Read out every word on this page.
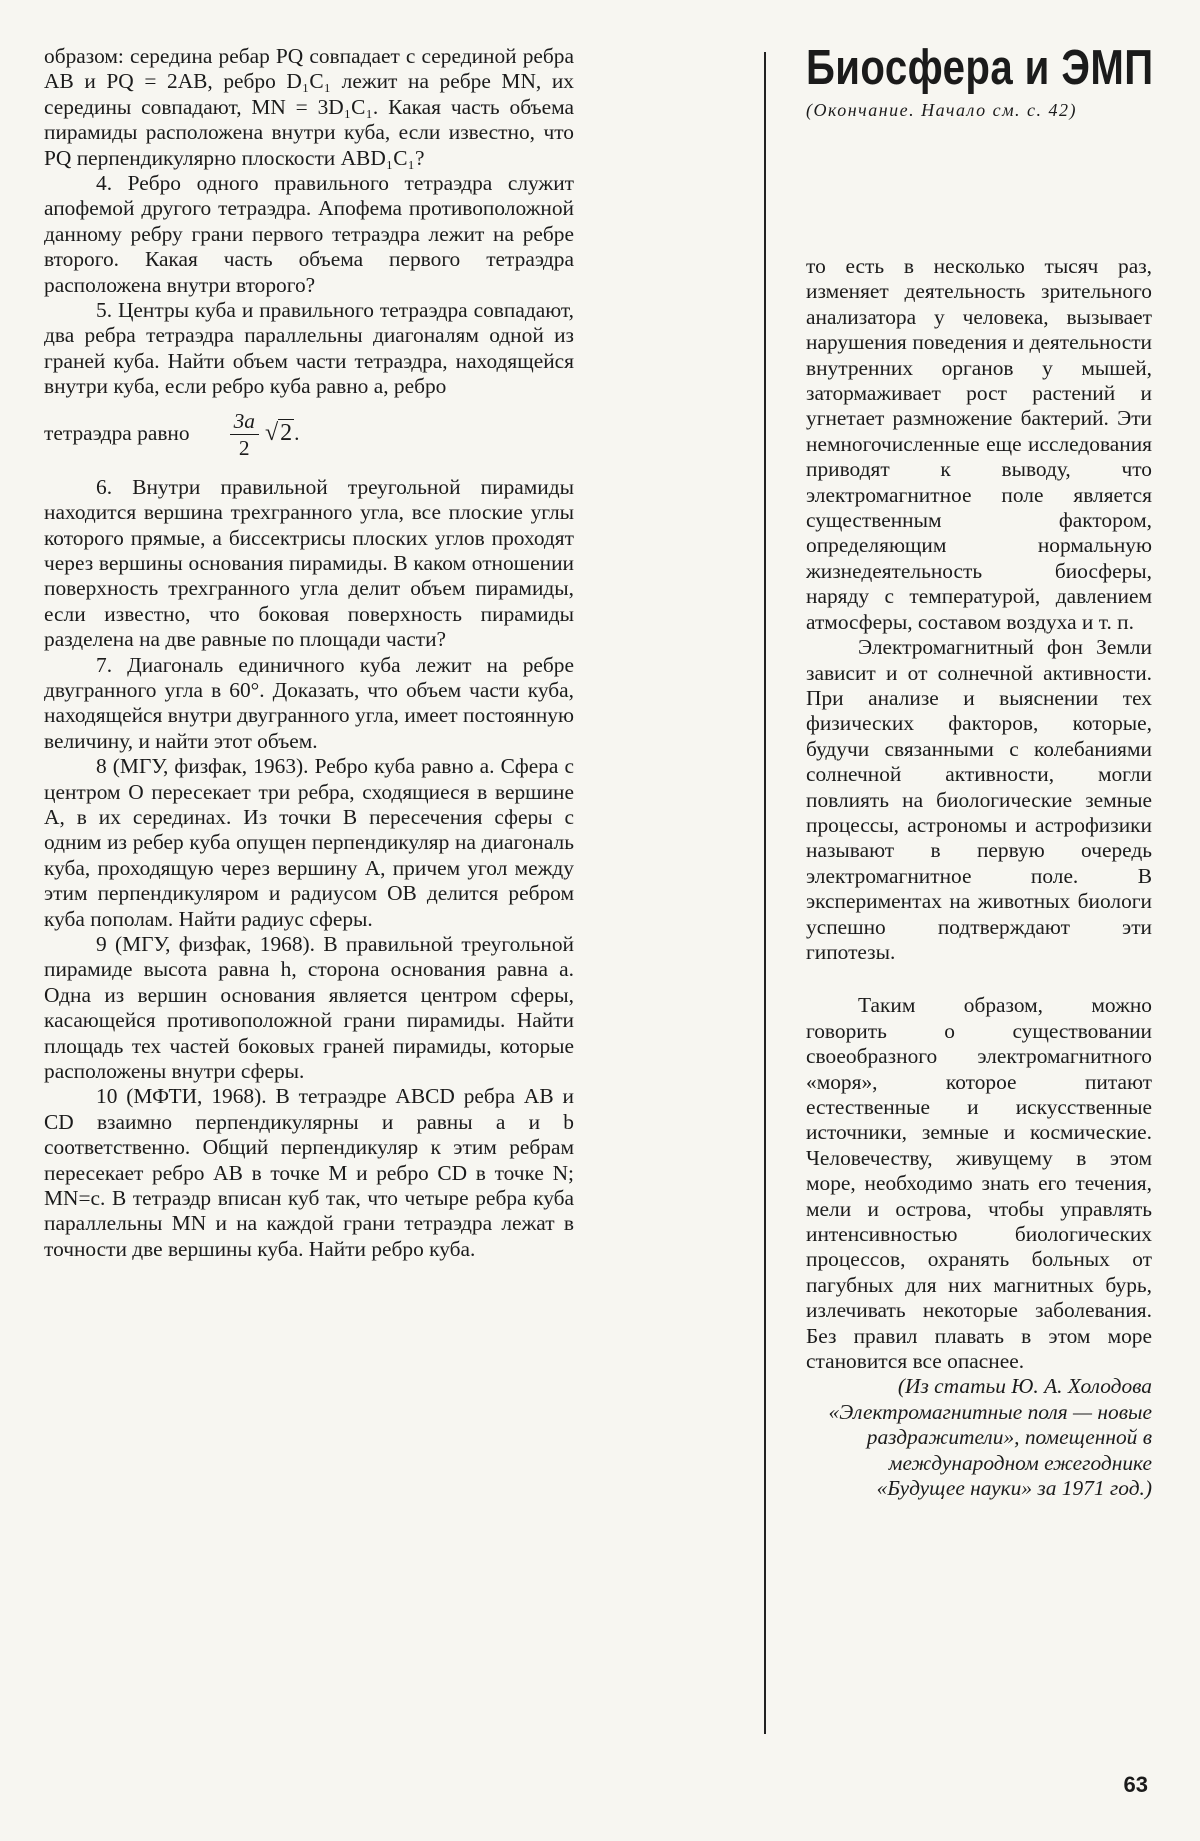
образом: середина ребар PQ совпадает с серединой ребра AB и PQ = 2AB, ребро D₁C₁ лежит на ребре MN, их середины совпадают, MN = 3D₁C₁. Какая часть объема пирамиды расположена внутри куба, если известно, что PQ перпендикулярно плоскости ABD₁C₁?

4. Ребро одного правильного тетраэдра служит апофемой другого тетраэдра. Апофема противоположной данному ребру грани первого тетраэдра лежит на ребре второго. Какая часть объема первого тетраэдра расположена внутри второго?

5. Центры куба и правильного тетраэдра совпадают, два ребра тетраэдра параллельны диагоналям одной из граней куба. Найти объем части тетраэдра, находящейся внутри куба, если ребро куба равно a, ребро

тетраэдра равно $\frac{3a}{2} √2$ .

6. Внутри правильной треугольной пирамиды находится вершина трехгранного угла, все плоские углы которого прямые, а биссектрисы плоских углов проходят через вершины основания пирамиды. В каком отношении поверхность трехгранного угла делит объем пирамиды, если известно, что боковая поверхность пирамиды разделена на две равные по площади части?

7. Диагональ единичного куба лежит на ребре двугранного угла в 60°. Доказать, что объем части куба, находящейся внутри двугранного угла, имеет постоянную величину, и найти этот объем.

8 (МГУ, физфак, 1963). Ребро куба равно a. Сфера с центром O пересекает три ребра, сходящиеся в вершине A, в их серединах. Из точки B пересечения сферы с одним из ребер куба опущен перпендикуляр на диагональ куба, проходящую через вершину A, причем угол между этим перпендикуляром и радиусом OB делится ребром куба пополам. Найти радиус сферы.

9 (МГУ, физфак, 1968). В правильной треугольной пирамиде высота равна h, сторона основания равна a. Одна из вершин основания является центром сферы, касающейся противоположной грани пирамиды. Найти площадь тех частей боковых граней пирамиды, которые расположены внутри сферы.

10 (МФТИ, 1968). В тетраэдре ABCD ребра AB и CD взаимно перпендикулярны и равны a и b соответственно. Общий перпендикуляр к этим ребрам пересекает ребро AB в точке M и ребро CD в точке N; MN=c. В тетраэдр вписан куб так, что четыре ребра куба параллельны MN и на каждой грани тетраэдра лежат в точности две вершины куба. Найти ребро куба.

Биосфера и ЭМП

(Окончание. Начало см. с. 42)

то есть в несколько тысяч раз, изменяет деятельность зрительного анализатора у человека, вызывает нарушения поведения и деятельности внутренних органов у мышей, затормаживает рост растений и угнетает размножение бактерий. Эти немногочисленные еще исследования приводят к выводу, что электромагнитное поле является существенным фактором, определяющим нормальную жизнедеятельность биосферы, наряду с температурой, давлением атмосферы, составом воздуха и т. п.

Электромагнитный фон Земли зависит и от солнечной активности. При анализе и выяснении тех физических факторов, которые, будучи связанными с колебаниями солнечной активности, могли повлиять на биологические земные процессы, астрономы и астрофизики называют в первую очередь электромагнитное поле. В экспериментах на животных биологи успешно подтверждают эти гипотезы.

Таким образом, можно говорить о существовании своеобразного электромагнитного «моря», которое питают естественные и искусственные источники, земные и космические. Человечеству, живущему в этом море, необходимо знать его течения, мели и острова, чтобы управлять интенсивностью биологических процессов, охранять больных от пагубных для них магнитных бурь, излечивать некоторые заболевания. Без правил плавать в этом море становится все опаснее.

(Из статьи Ю. А. Холодова «Электромагнитные поля — новые раздражители», помещенной в международном ежегоднике «Будущее науки» за 1971 год.)

63
